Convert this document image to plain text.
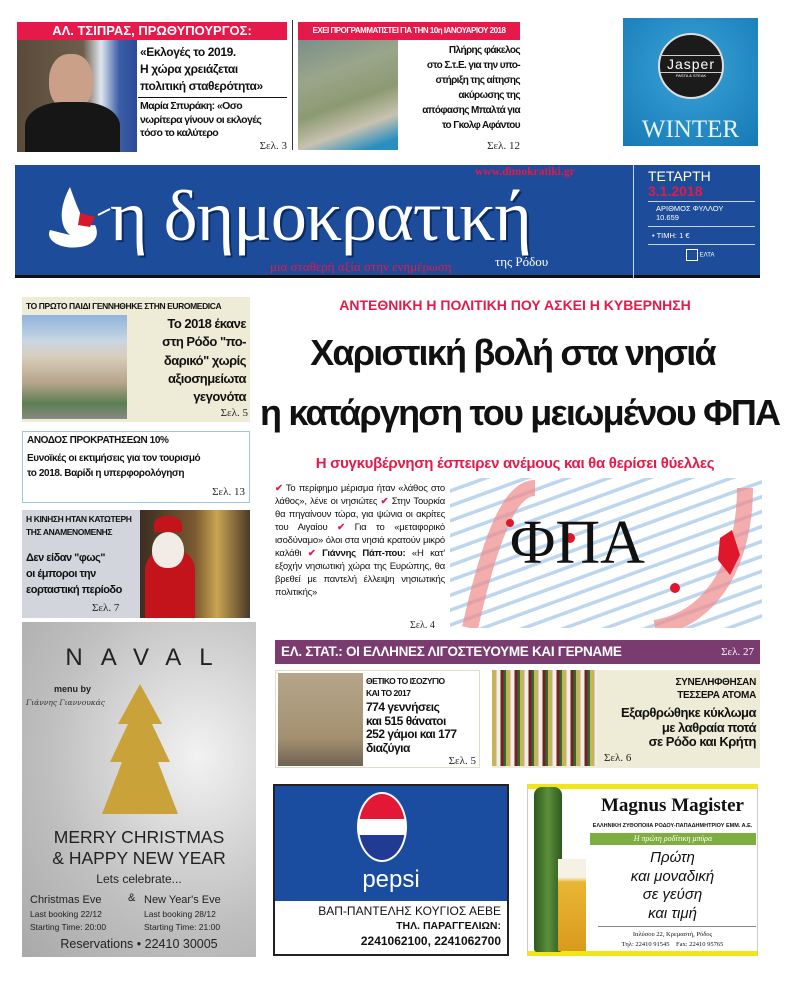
ΑΛ. ΤΣΙΠΡΑΣ, ΠΡΩΘΥΠΟΥΡΓΟΣ:
«Εκλογές το 2019.
Η χώρα χρειάζεται
πολιτική σταθερότητα»
Μαρία Σπυράκη: «Οσο
νωρίτερα γίνουν οι εκλογές
τόσο το καλύτερο
Σελ. 3
ΕΧΕΙ ΠΡΟΓΡΑΜΜΑΤΙΣΤΕΙ ΓΙΑ ΤΗΝ 10η ΙΑΝΟΥΑΡΙΟΥ 2018
Πλήρης φάκελος
στο Σ.τ.Ε. για την υπο-
στήριξη της αίτησης
ακύρωσης της
απόφασης Μπαλτά για
το Γκολφ Αφάντου
Σελ. 12
Jasper
PASTA & STEAK
WINTER
η δημοκρατική
www.dimokratiki.gr
της Ρόδου
μια σταθερή αξία στην ενημέρωση
ΤΕΤΑΡΤΗ
3.1.2018
ΑΡΙΘΜΟΣ ΦΥΛΛΟΥ
10.659
• ΤΙΜΗ: 1 €
ΕΛΤΑ
ΤΟ ΠΡΩΤΟ ΠΑΙΔΙ ΓΕΝΝΗΘΗΚΕ ΣΤΗΝ EUROMEDICA
Το 2018 έκανε
στη Ρόδο "πο-
δαρικό" χωρίς
αξιοσημείωτα
γεγονότα
Σελ. 5
ΑΝΟΔΟΣ ΠΡΟΚΡΑΤΗΣΕΩΝ 10%
Ευνοϊκές οι εκτιμήσεις για τον τουρισμό
το 2018. Βαρίδι η υπερφορολόγηση
Σελ. 13
Η ΚΙΝΗΣΗ ΗΤΑΝ ΚΑΤΩΤΕΡΗ
ΤΗΣ ΑΝΑΜΕΝΟΜΕΝΗΣ
Δεν είδαν "φως"
οι έμποροι την
εορταστική περίοδο
Σελ. 7
NAVAL
menu by
Γιάννης Γιαννουκάς
MERRY CHRISTMAS
& HAPPY NEW YEAR
Lets celebrate...
Christmas Eve
Last booking 22/12
Starting Time: 20:00
& New Year's Eve
Last booking 28/12
Starting Time: 21:00
Reservations • 22410 30005
ΑΝΤΕΘΝΙΚΗ Η ΠΟΛΙΤΙΚΗ ΠΟΥ ΑΣΚΕΙ Η ΚΥΒΕΡΝΗΣΗ
Χαριστική βολή στα νησιά
η κατάργηση του μειωμένου ΦΠΑ
Η συγκυβέρνηση έσπειρεν ανέμους και θα θερίσει θύελλες
✔ Το περίφημο μέρισμα ήταν «λάθος στο λάθος», λένε οι νησιώτες ✔ Στην Τουρκία θα πηγαίνουν τώρα, για ψώνια οι ακρίτες του Αιγαίου ✔ Για το «μεταφορικό ισοδύναμο» όλοι στα νησιά κρατούν μικρό καλάθι ✔ Γιάννης Πάπ-που: «Η κατ' εξοχήν νησιωτική χώρα της Ευρώπης, θα βρεθεί με παντελή έλλειψη νησιωτικής πολιτικής»
Σελ. 4
ΦΠΑ
ΕΛ. ΣΤΑΤ.: ΟΙ ΕΛΛΗΝΕΣ ΛΙΓΟΣΤΕΥΟΥΜΕ ΚΑΙ ΓΕΡΝΑΜΕ	Σελ. 27
ΘΕΤΙΚΟ ΤΟ ΙΣΟΖΥΓΙΟ
ΚΑΙ ΤΟ 2017
774 γεννήσεις
και 515 θάνατοι
252 γάμοι και 177
διαζύγια
Σελ. 5
ΣΥΝΕΛΗΦΘΗΣΑΝ
ΤΕΣΣΕΡΑ ΑΤΟΜΑ
Εξαρθρώθηκε κύκλωμα
με λαθραία ποτά
σε Ρόδο και Κρήτη
Σελ. 6
pepsi
ΒΑΠ-ΠΑΝΤΕΛΗΣ ΚΟΥΓΙΟΣ ΑΕΒΕ
ΤΗΛ. ΠΑΡΑΓΓΕΛΙΩΝ:
2241062100, 2241062700
Magnus Magister
ΕΛΛΗΝΙΚΗ ΖΥΘΟΠΟΙΙΑ ΡΟΔΟΥ-ΠΑΠΑΔΗΜΗΤΡΙΟΥ ΕΜΜ. Α.Ε.
Η πρώτη ροδίτικη μπύρα
Πρώτη
και μοναδική
σε γεύση
και τιμή
Ιαλύσου 22, Κρεμαστή, Ρόδος
Τηλ: 22410 91545    Fax: 22410 95765
